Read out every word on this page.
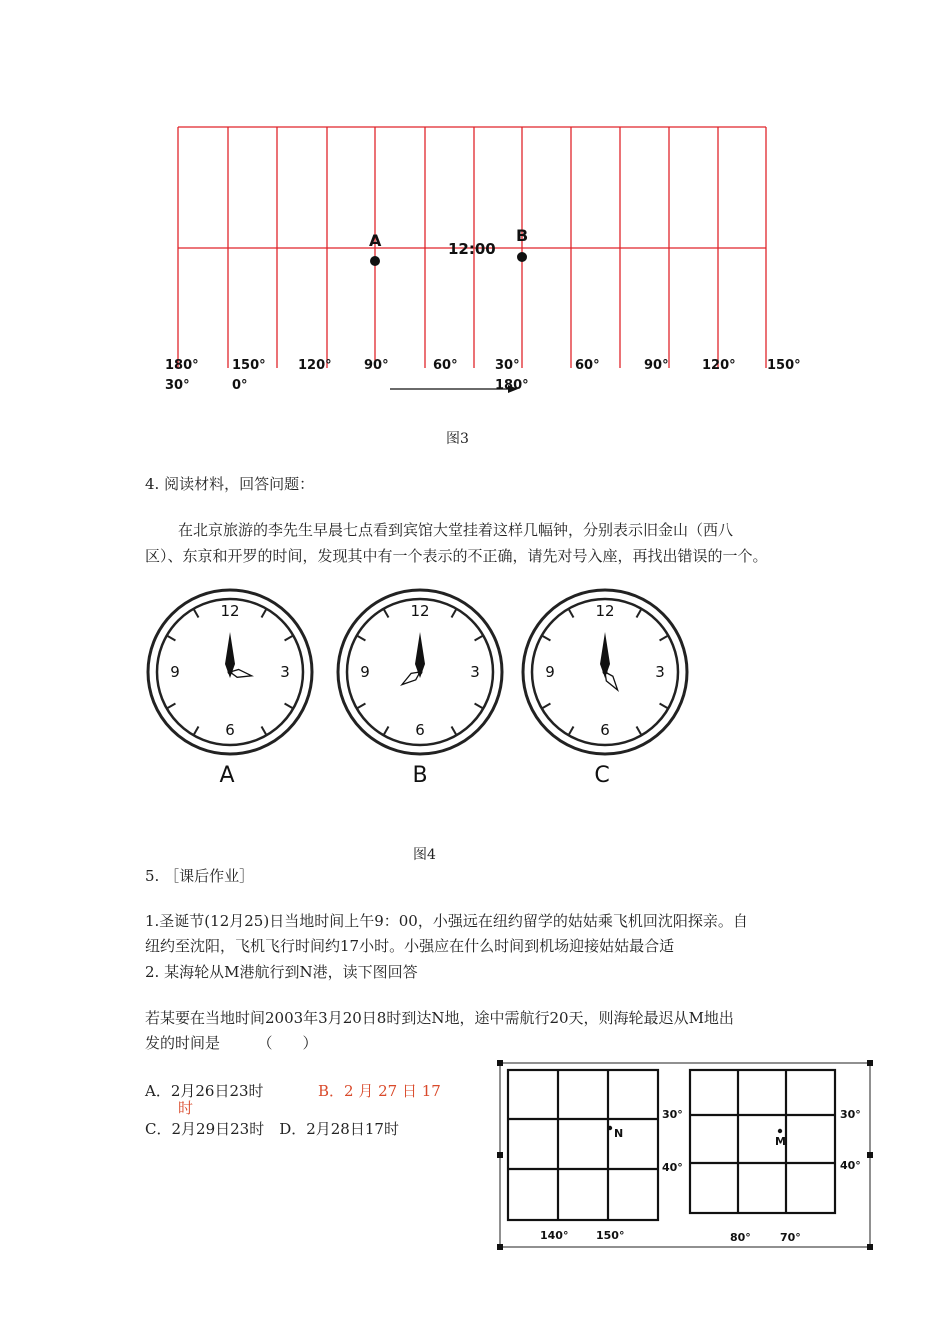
A	B
12:00
180°	150° 120° 90°	60°	30°	60°	90°	120° 150°
30°	0°	180°
图3
4. 阅读材料，回答问题：
在北京旅游的李先生早晨七点看到宾馆大堂挂着这样几幅钟，分别表示旧金山（西八
区）、东京和开罗的时间，发现其中有一个表示的不正确，请先对号入座，再找出错误的一个。
12
3
6
9
12
3
6
9
12
3
6
9
A	B	C
图4
5. ［课后作业］
1.圣诞节(12月25)日当地时间上午9：00，小强远在纽约留学的姑姑乘飞机回沈阳探亲。自
纽约至沈阳，飞机飞行时间约17小时。小强应在什么时间到机场迎接姑姑最合适
2. 某海轮从M港航行到N港，读下图回答
若某要在当地时间2003年3月20日8时到达N地，途中需航行20天，则海轮最迟从M地出
发的时间是　　　（　　）
A．2月26日23时	B．2 月 27 日 17
时
C．2月29日23时　D．2月28日17时	N
M
30°
40°
140°	150°
30°
40°
80°	70°
